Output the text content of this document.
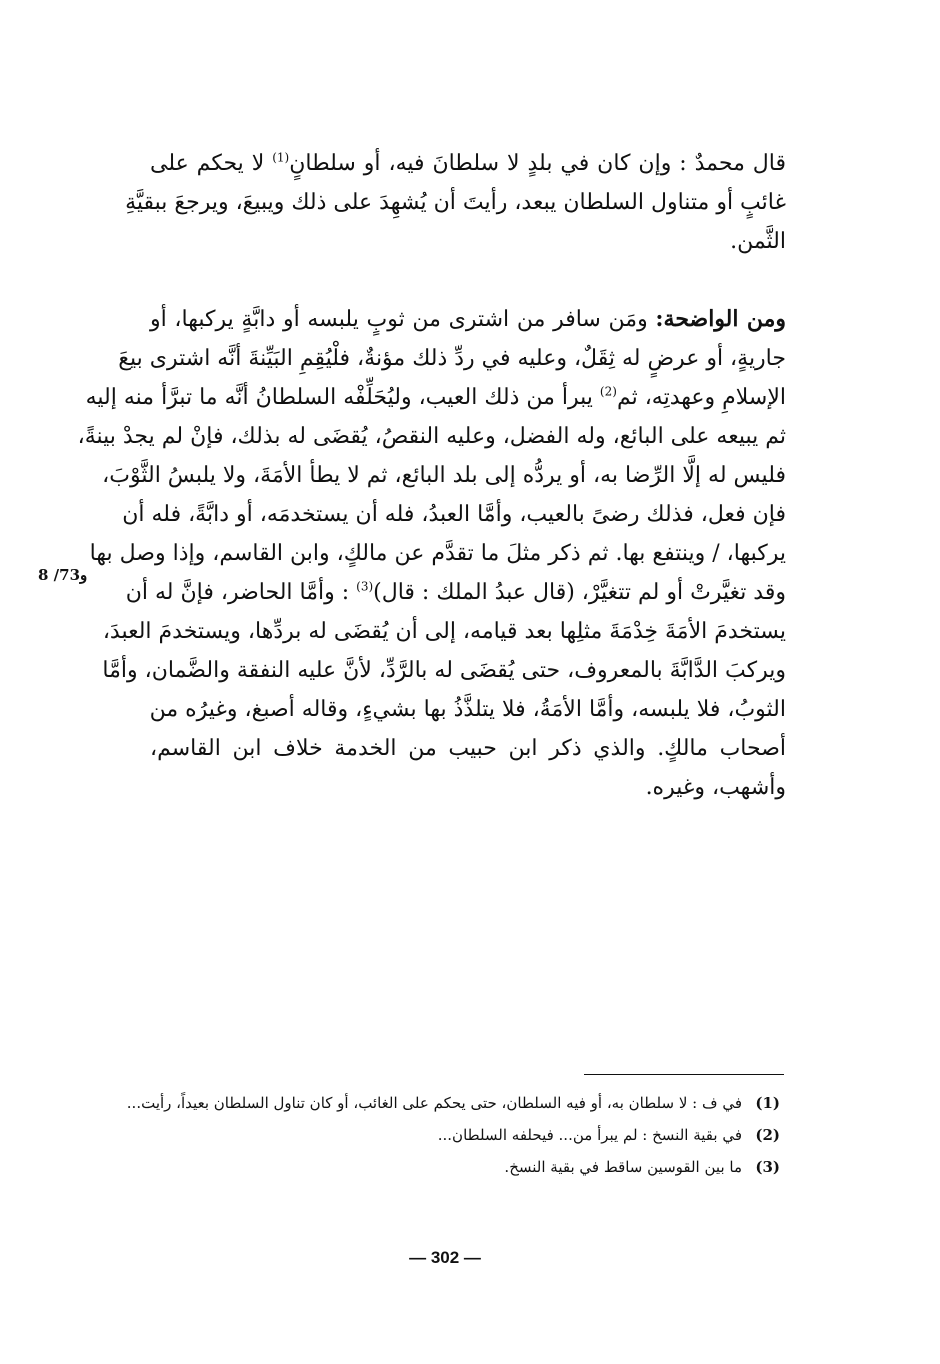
قال محمدٌ : وإن كان في بلدٍ لا سلطانَ فيه، أو سلطانٍ$^{(1)}$ لا يحكم على
غائبٍ أو متناول السلطان يبعد، رأيتَ أن يُشهِدَ على ذلك ويبيعَ، ويرجعَ ببقيَّةِ
الثَّمن.
ومن الواضحة: ومَن سافر من اشترى من ثوبٍ يلبسه أو دابَّةٍ يركبها، أو
جاريةٍ، أو عرضٍ له ثِقَلٌ، وعليه في ردِّ ذلك مؤنةٌ، فلْيُقِمِ البَيِّنةَ أنَّه اشترى بيعَ
الإسلامِ وعهدتِه، ثم$^{(2)}$ يبرأ من ذلك العيب، وليُحَلِّفْه السلطانُ أنَّه ما تبرَّأ منه إليه
ثم يبيعه على البائع، وله الفضل، وعليه النقصُ، يُقضَى له بذلك، فإنْ لم يجدْ بينةً،
فليس له إلَّا الرِّضا به، أو يردُّه إلى بلد البائع، ثم لا يطأ الأمَةَ، ولا يلبسُ الثَّوْبَ،
فإن فعل، فذلك رضىً بالعيب، وأمَّا العبدُ، فله أن يستخدمَه، أو دابَّةً، فله أن
يركبها، / وينتفع بها. ثم ذكر مثلَ ما تقدَّم عن مالكٍ، وابن القاسم، وإذا وصل بها
وقد تغيَّرتْ أو لم تتغيَّرْ، (قال عبدُ الملك : قال)$^{(3)}$ : وأمَّا الحاضر، فإنَّ له أن
يستخدمَ الأمَةَ خِدْمَةَ مثلِها بعد قيامه، إلى أن يُقضَى له بردِّها، ويستخدمَ العبدَ،
ويركبَ الدَّابَّةَ بالمعروف، حتى يُقضَى له بالرَّدِّ، لأنَّ عليه النفقة والضَّمان، وأمَّا
الثوبُ، فلا يلبسه، وأمَّا الأمَةُ، فلا يتلذَّذُ بها بشيءٍ، وقاله أصبغ، وغيرُه من
أصحاب مالكٍ. والذي ذكر ابن حبيب من الخدمة خلاف ابن القاسم،
وأشهب، وغيره.
8 /73و
(1)
في ف : لا سلطان به، أو فيه السلطان، حتى يحكم على الغائب، أو كان تناول السلطان بعيداً، رأيت...
(2)
في بقية النسخ : لم يبرأ من... فيحلفه السلطان...
(3)
ما بين القوسين ساقط في بقية النسخ.
— 302 —
